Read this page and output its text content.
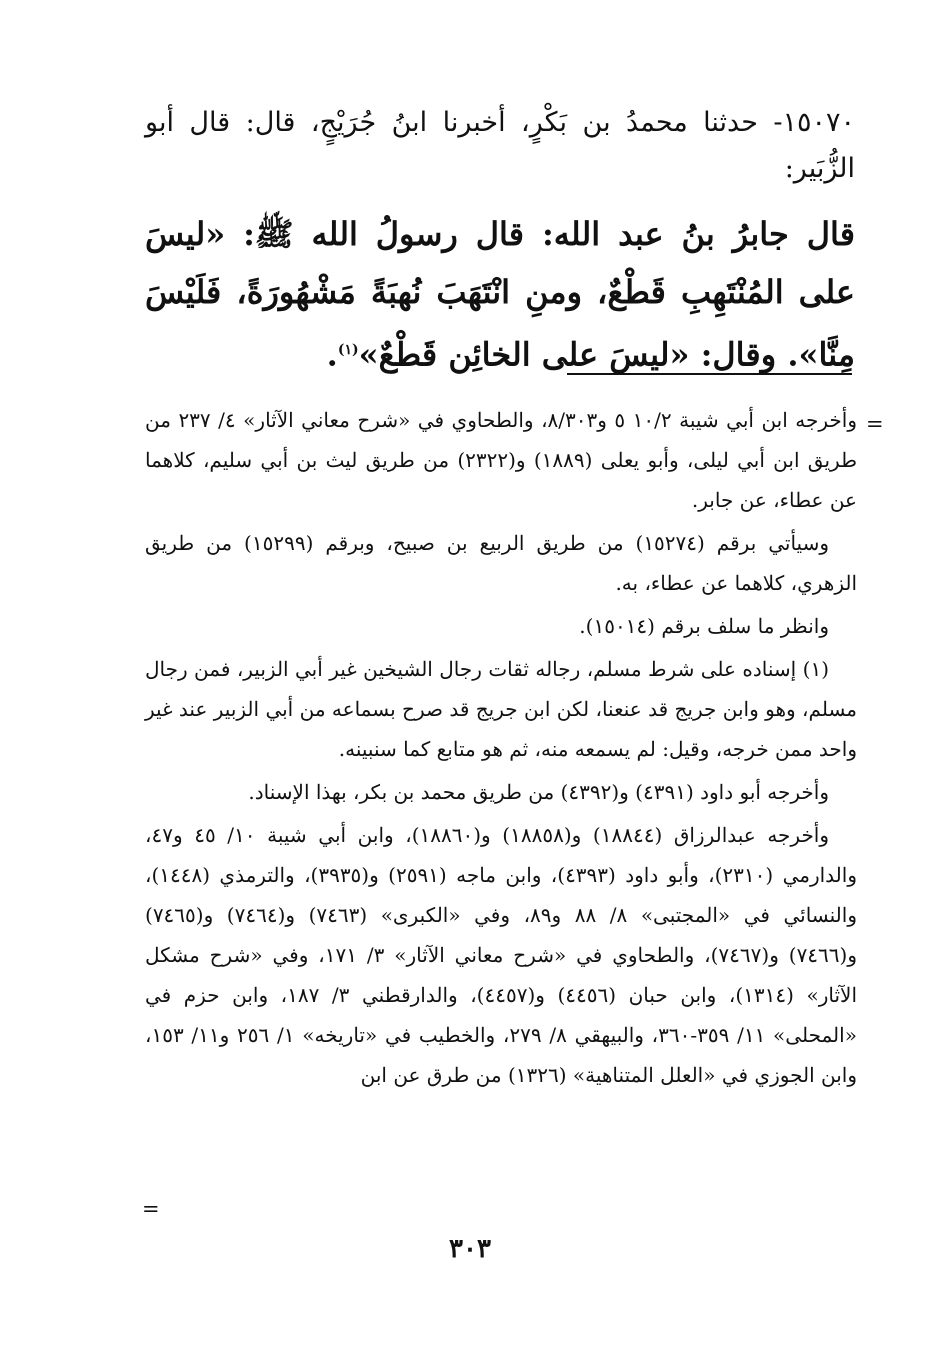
١٥٠٧٠- حدثنا محمدُ بن بَكْرٍ، أخبرنا ابنُ جُرَيْجٍ، قال: قال أبو الزُّبَير:
قال جابرُ بنُ عبد الله: قال رسولُ الله ﷺ: «ليسَ على المُنْتَهِبِ قَطْعٌ، ومنِ انْتَهَبَ نُهبَةً مَشْهُورَةً، فَلَيْسَ مِنَّا». وقال: «ليسَ على الخائِن قَطْعٌ»$^{(١)}$.
=

وأخرجه ابن أبي شيبة ١٠/٢ ٥ و٨/٣٠٣، والطحاوي في «شرح معاني الآثار» ٤/ ٢٣٧ من طريق ابن أبي ليلى، وأبو يعلى (١٨٨٩) و(٢٣٢٢) من طريق ليث بن أبي سليم، كلاهما عن عطاء، عن جابر.

وسيأتي برقم (١٥٢٧٤) من طريق الربيع بن صبيح، وبرقم (١٥٢٩٩) من طريق الزهري، كلاهما عن عطاء، به.

وانظر ما سلف برقم (١٥٠١٤).

(١) إسناده على شرط مسلم، رجاله ثقات رجال الشيخين غير أبي الزبير، فمن رجال مسلم، وهو وابن جريج قد عنعنا، لكن ابن جريج قد صرح بسماعه من أبي الزبير عند غير واحد ممن خرجه، وقيل: لم يسمعه منه، ثم هو متابع كما سنبينه.

وأخرجه أبو داود (٤٣٩١) و(٤٣٩٢) من طريق محمد بن بكر، بهذا الإسناد.

وأخرجه عبدالرزاق (١٨٨٤٤) و(١٨٨٥٨) و(١٨٨٦٠)، وابن أبي شيبة ١٠/ ٤٥ و٤٧، والدارمي (٢٣١٠)، وأبو داود (٤٣٩٣)، وابن ماجه (٢٥٩١) و(٣٩٣٥)، والترمذي (١٤٤٨)، والنسائي في «المجتبى» ٨/ ٨٨ و٨٩، وفي «الكبرى» (٧٤٦٣) و(٧٤٦٤) و(٧٤٦٥) و(٧٤٦٦) و(٧٤٦٧)، والطحاوي في «شرح معاني الآثار» ٣/ ١٧١، وفي «شرح مشكل الآثار» (١٣١٤)، وابن حبان (٤٤٥٦) و(٤٤٥٧)، والدارقطني ٣/ ١٨٧، وابن حزم في «المحلى» ١١/ ٣٥٩-٣٦٠، والبيهقي ٨/ ٢٧٩، والخطيب في «تاريخه» ١/ ٢٥٦ و١١/ ١٥٣، وابن الجوزي في «العلل المتناهية» (١٣٢٦) من طرق عن ابن

=
٣٠٣
